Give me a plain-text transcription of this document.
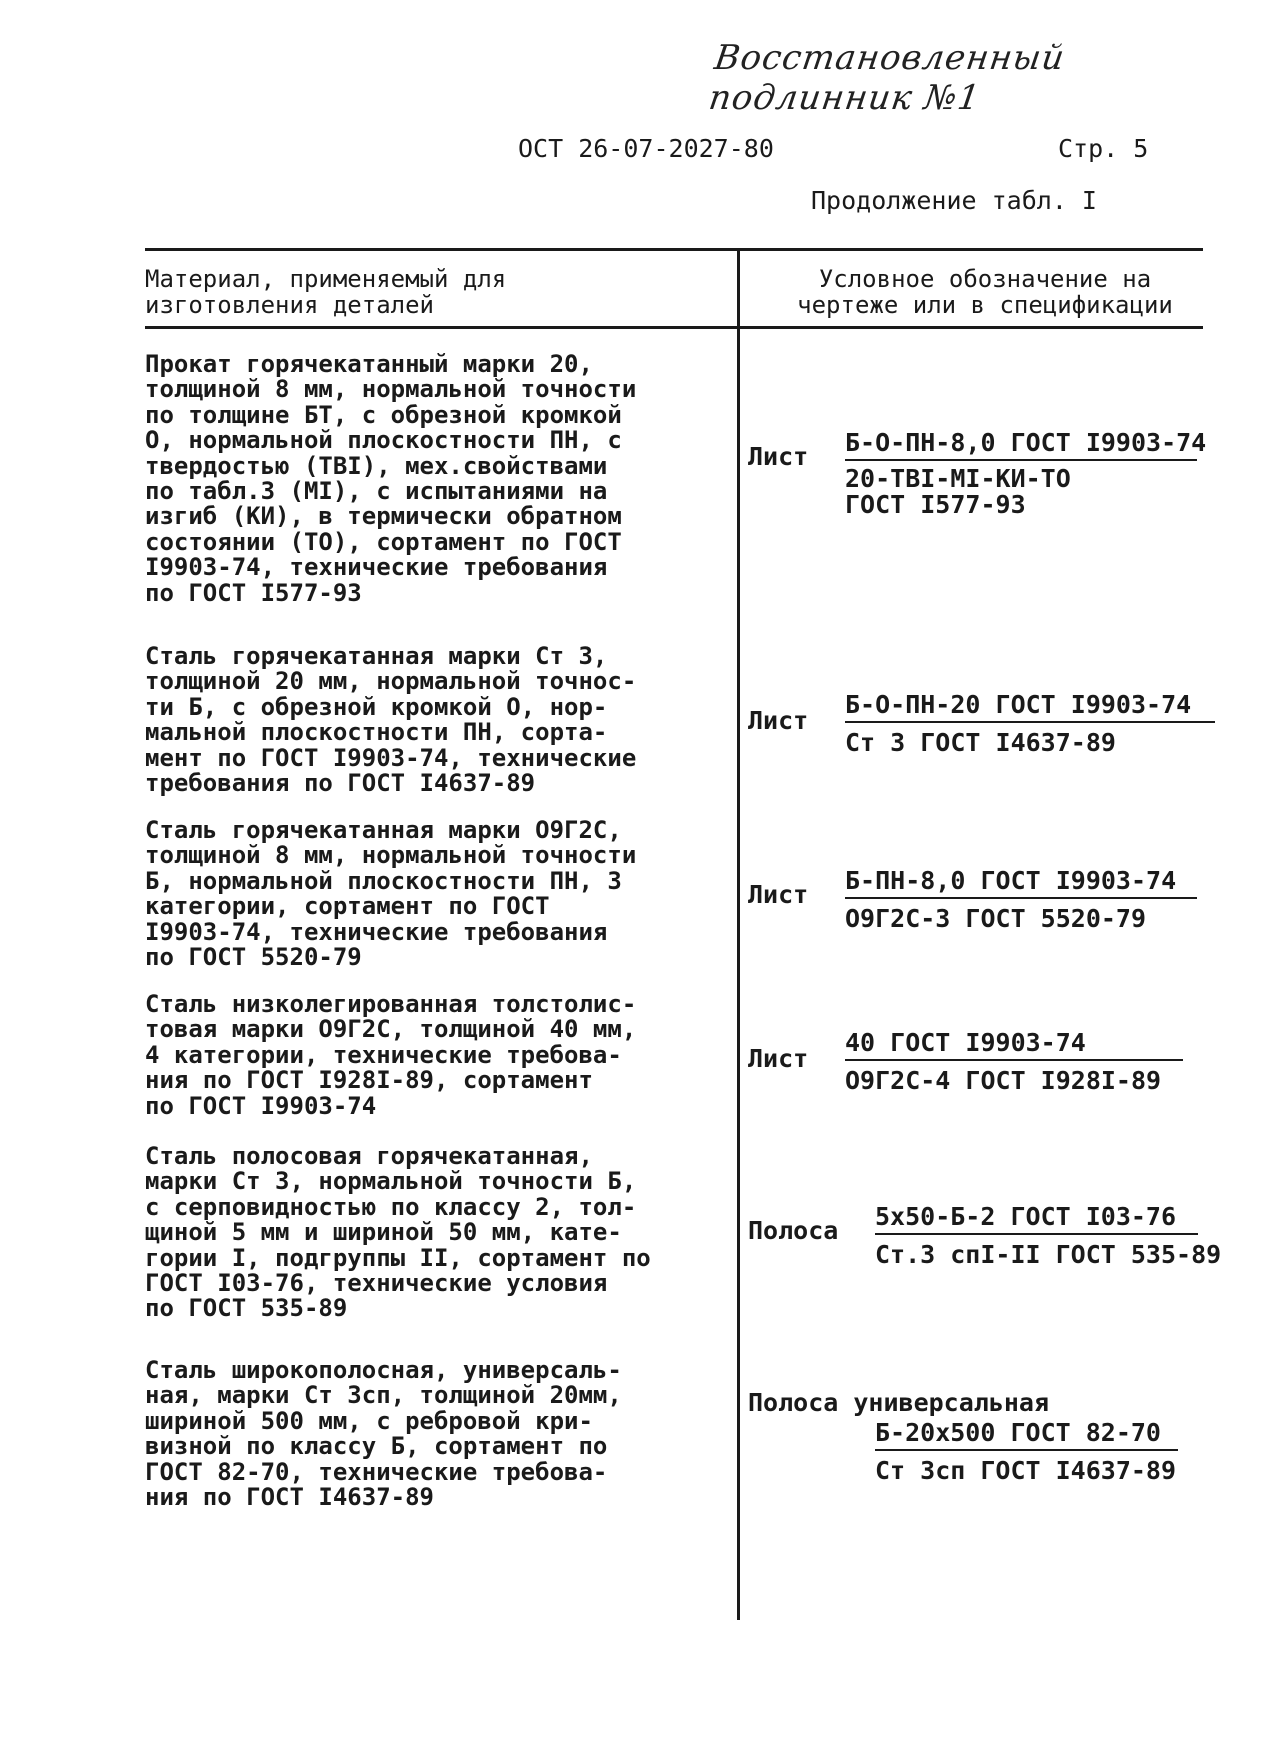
Восстановленный подлинник №1
ОСТ 26-07-2027-80	Стр. 5
Продолжение табл. I
Материал, применяемый для
изготовления деталей
Условное обозначение на
чертеже или в спецификации
Прокат горячекатанный марки 20,
толщиной 8 мм, нормальной точности
по толщине БТ, с обрезной кромкой
О, нормальной плоскостности ПН, с
твердостью (ТВI), мех.свойствами
по табл.3 (МI), с испытаниями на
изгиб (КИ), в термически обратном
состоянии (ТО), сортамент по ГОСТ
I9903-74, технические требования
по ГОСТ I577-93
Лист Б-О-ПН-8,0 ГОСТ I9903-74
20-ТВI-МI-КИ-ТО
ГОСТ I577-93
Сталь горячекатанная марки Ст 3,
толщиной 20 мм, нормальной точнос-
ти Б, с обрезной кромкой О, нор-
мальной плоскостности ПН, сорта-
мент по ГОСТ I9903-74, технические
требования по ГОСТ I4637-89
Лист
Б-О-ПН-20 ГОСТ I9903-74
Ст 3 ГОСТ I4637-89
Сталь горячекатанная марки О9Г2С,
толщиной 8 мм, нормальной точности
Б, нормальной плоскостности ПН, 3
категории, сортамент по ГОСТ
I9903-74, технические требования
по ГОСТ 5520-79
Лист Б-ПН-8,0 ГОСТ I9903-74
О9Г2С-3 ГОСТ 5520-79
Сталь низколегированная толстолис-
товая марки О9Г2С, толщиной 40 мм,
4 категории, технические требова-
ния по ГОСТ I928I-89, сортамент
по ГОСТ I9903-74
Лист
40 ГОСТ I9903-74
О9Г2С-4 ГОСТ I928I-89
Сталь полосовая горячекатанная,
марки Ст 3, нормальной точности Б,
с серповидностью по классу 2, тол-
щиной 5 мм и шириной 50 мм, кате-
гории I, подгруппы II, сортамент по
ГОСТ I03-76, технические условия
по ГОСТ 535-89
Полоса 5х50-Б-2 ГОСТ I03-76
Ст.3 спI-II ГОСТ 535-89
Сталь широкополосная, универсаль-
ная, марки Ст 3сп, толщиной 20мм,
шириной 500 мм, с ребровой кри-
визной по классу Б, сортамент по
ГОСТ 82-70, технические требова-
ния по ГОСТ I4637-89
Полоса универсальная
Б-20х500 ГОСТ 82-70
Ст 3сп ГОСТ I4637-89
